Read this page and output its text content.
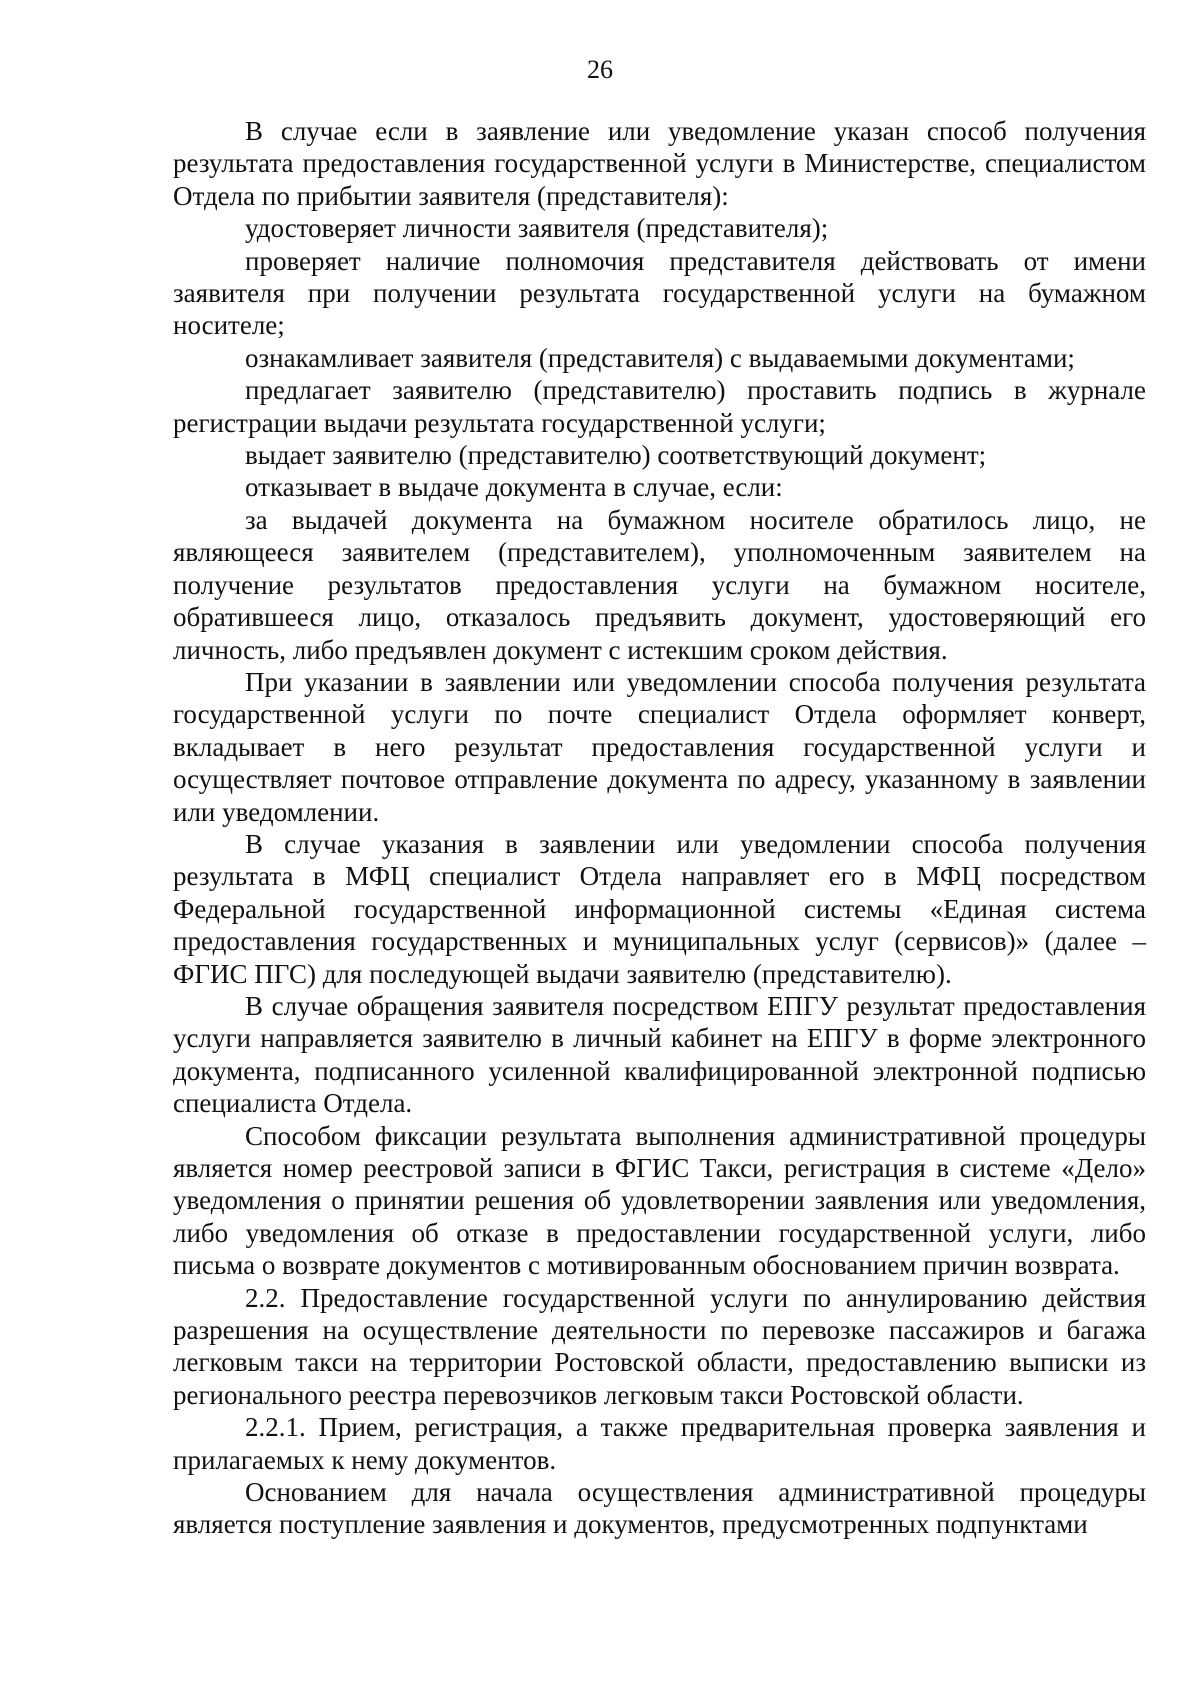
26

В случае если в заявление или уведомление указан способ получения результата предоставления государственной услуги в Министерстве, специалистом Отдела по прибытии заявителя (представителя):

удостоверяет личности заявителя (представителя);

проверяет наличие полномочия представителя действовать от имени заявителя при получении результата государственной услуги на бумажном носителе;

ознакамливает заявителя (представителя) с выдаваемыми документами;

предлагает заявителю (представителю) проставить подпись в журнале регистрации выдачи результата государственной услуги;

выдает заявителю (представителю) соответствующий документ;

отказывает в выдаче документа в случае, если:

за выдачей документа на бумажном носителе обратилось лицо, не являющееся заявителем (представителем), уполномоченным заявителем на получение результатов предоставления услуги на бумажном носителе, обратившееся лицо, отказалось предъявить документ, удостоверяющий его личность, либо предъявлен документ с истекшим сроком действия.

При указании в заявлении или уведомлении способа получения результата государственной услуги по почте специалист Отдела оформляет конверт, вкладывает в него результат предоставления государственной услуги и осуществляет почтовое отправление документа по адресу, указанному в заявлении или уведомлении.

В случае указания в заявлении или уведомлении способа получения результата в МФЦ специалист Отдела направляет его в МФЦ посредством Федеральной государственной информационной системы «Единая система предоставления государственных и муниципальных услуг (сервисов)» (далее – ФГИС ПГС) для последующей выдачи заявителю (представителю).

В случае обращения заявителя посредством ЕПГУ результат предоставления услуги направляется заявителю в личный кабинет на ЕПГУ в форме электронного документа, подписанного усиленной квалифицированной электронной подписью специалиста Отдела.

Способом фиксации результата выполнения административной процедуры является номер реестровой записи в ФГИС Такси, регистрация в системе «Дело» уведомления о принятии решения об удовлетворении заявления или уведомления, либо уведомления об отказе в предоставлении государственной услуги, либо письма о возврате документов с мотивированным обоснованием причин возврата.

2.2. Предоставление государственной услуги по аннулированию действия разрешения на осуществление деятельности по перевозке пассажиров и багажа легковым такси на территории Ростовской области, предоставлению выписки из регионального реестра перевозчиков легковым такси Ростовской области.

2.2.1. Прием, регистрация, а также предварительная проверка заявления и прилагаемых к нему документов.

Основанием для начала осуществления административной процедуры является поступление заявления и документов, предусмотренных подпунктами
